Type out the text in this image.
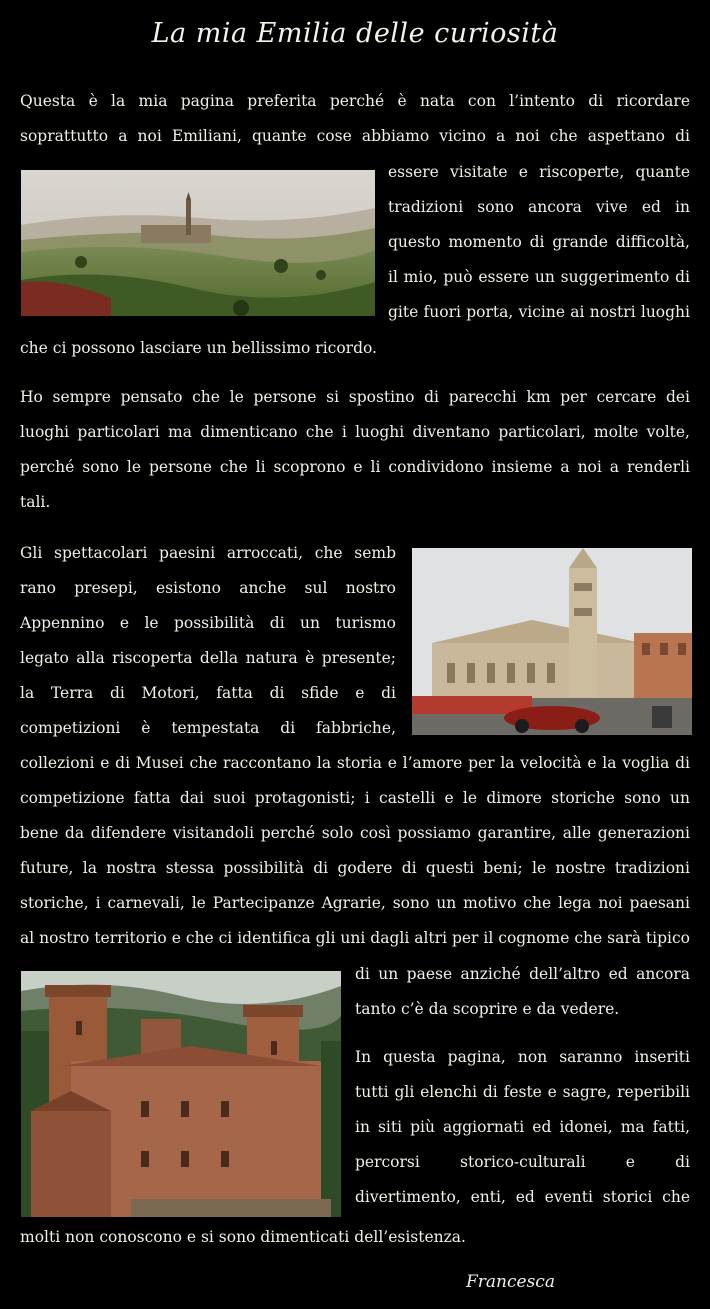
La mia Emilia delle curiosità
Questa è la mia pagina preferita perché è nata con l’intento di ricordare
soprattutto a noi Emiliani, quante cose abbiamo vicino a noi che aspettano di
essere visitate e riscoperte, quante
tradizioni sono ancora vive ed in
questo momento di grande difficoltà,
il mio, può essere un suggerimento di
gite fuori porta, vicine ai nostri luoghi
che ci possono lasciare un bellissimo ricordo.
Ho sempre pensato che le persone si spostino di parecchi km per cercare dei
luoghi particolari ma dimenticano che i luoghi diventano particolari, molte volte,
perché sono le persone che li scoprono e li condividono insieme a noi a renderli
tali.
Gli spettacolari paesini arroccati, che semb
rano presepi, esistono anche sul nostro
Appennino e le possibilità di un turismo
legato alla riscoperta della natura è presente;
la Terra di Motori, fatta di sfide e di
competizioni è tempestata di fabbriche,
collezioni e di Musei che raccontano la storia e l’amore per la velocità e la voglia di
competizione fatta dai suoi protagonisti; i castelli e le dimore storiche sono un
bene da difendere visitandoli perché solo così possiamo garantire, alle generazioni
future, la nostra stessa possibilità di godere di questi beni; le nostre tradizioni
storiche, i carnevali, le Partecipanze Agrarie, sono un motivo che lega noi paesani
al nostro territorio e che ci identifica gli uni dagli altri per il cognome che sarà tipico
di un paese anziché dell’altro ed ancora
tanto c’è da scoprire e da vedere.
In questa pagina, non saranno inseriti
tutti gli elenchi di feste e sagre, reperibili
in siti più aggiornati ed idonei, ma fatti,
percorsi storico-culturali e di
divertimento, enti, ed eventi storici che
molti non conoscono e si sono dimenticati dell’esistenza.
Francesca
